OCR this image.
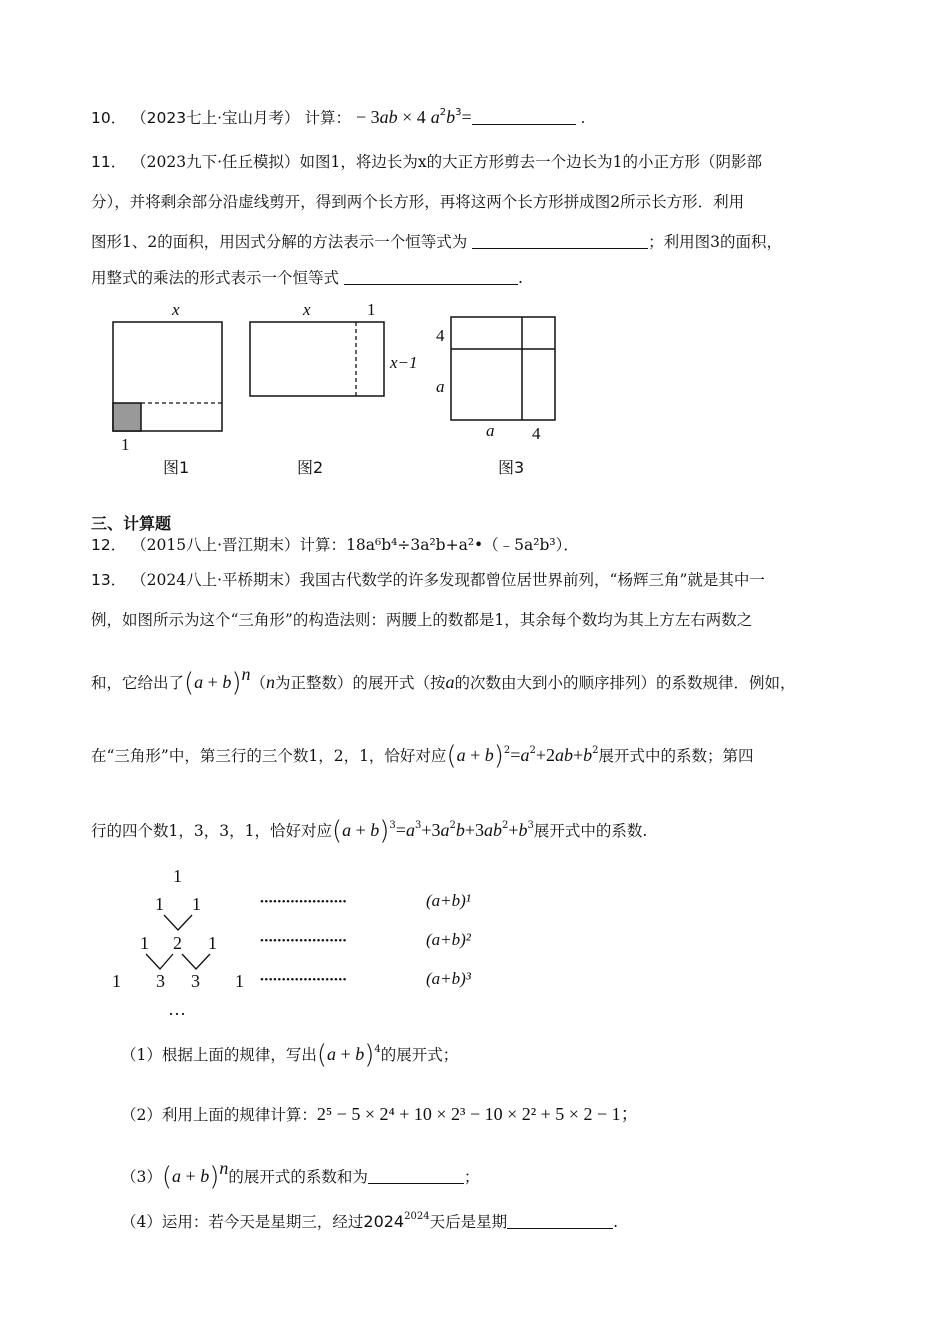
10． （2023七上·宝山月考） 计算： − 3ab × 4 $a^2b^3=$	.
11． （2023九下·任丘模拟）如图1，将边长为x的大正方形剪去一个边长为1的小正方形（阴影部
分），并将剩余部分沿虚线剪开，得到两个长方形，再将这两个长方形拼成图2所示长方形．利用
图形1、2的面积，用因式分解的方法表示一个恒等式为	；利用图3的面积，
用整式的乘法的形式表示一个恒等式	.
x
1
图1
x	1
x−1
图2
4
a
a 4
图3
三、计算题
12． （2015八上·晋江期末）计算：18a⁶b⁴÷3a²b+a²•（﹣5a²b³）．
13． （2024八上·平桥期末）我国古代数学的许多发现都曾位居世界前列，“杨辉三角”就是其中一
例，如图所示为这个“三角形”的构造法则：两腰上的数都是1，其余每个数均为其上方左右两数之
和，它给出了$(a + b)^n(n$为正整数）的展开式（按a的次数由大到小的顺序排列）的系数规律．例如，
在“三角形”中，第三行的三个数1，2，1，恰好对应$(a + b)^2=a^2+2ab+b^2$展开式中的系数；第四
行的四个数1，3，3，1，恰好对应$(a + b)^3=a^3+3a^2b+3ab^2+b^3$展开式中的系数.
1
1 1
1 2 1
1 3 3 1
…
••••••••••••••••••••
••••••••••••••••••••
••••••••••••••••••••
(a+b)¹
(a+b)²
(a+b)³
（1）根据上面的规律，写出$(a + b)^4$的展开式；
（2）利用上面的规律计算：2⁵ − 5 × 2⁴ + 10 × 2³ − 10 × 2² + 5 × 2 − 1；
$(3)(a + b)^n$的展开式的系数和为	；
（4）运用：若今天是星期三，经过$2024^{2024}$天后是星期	.
